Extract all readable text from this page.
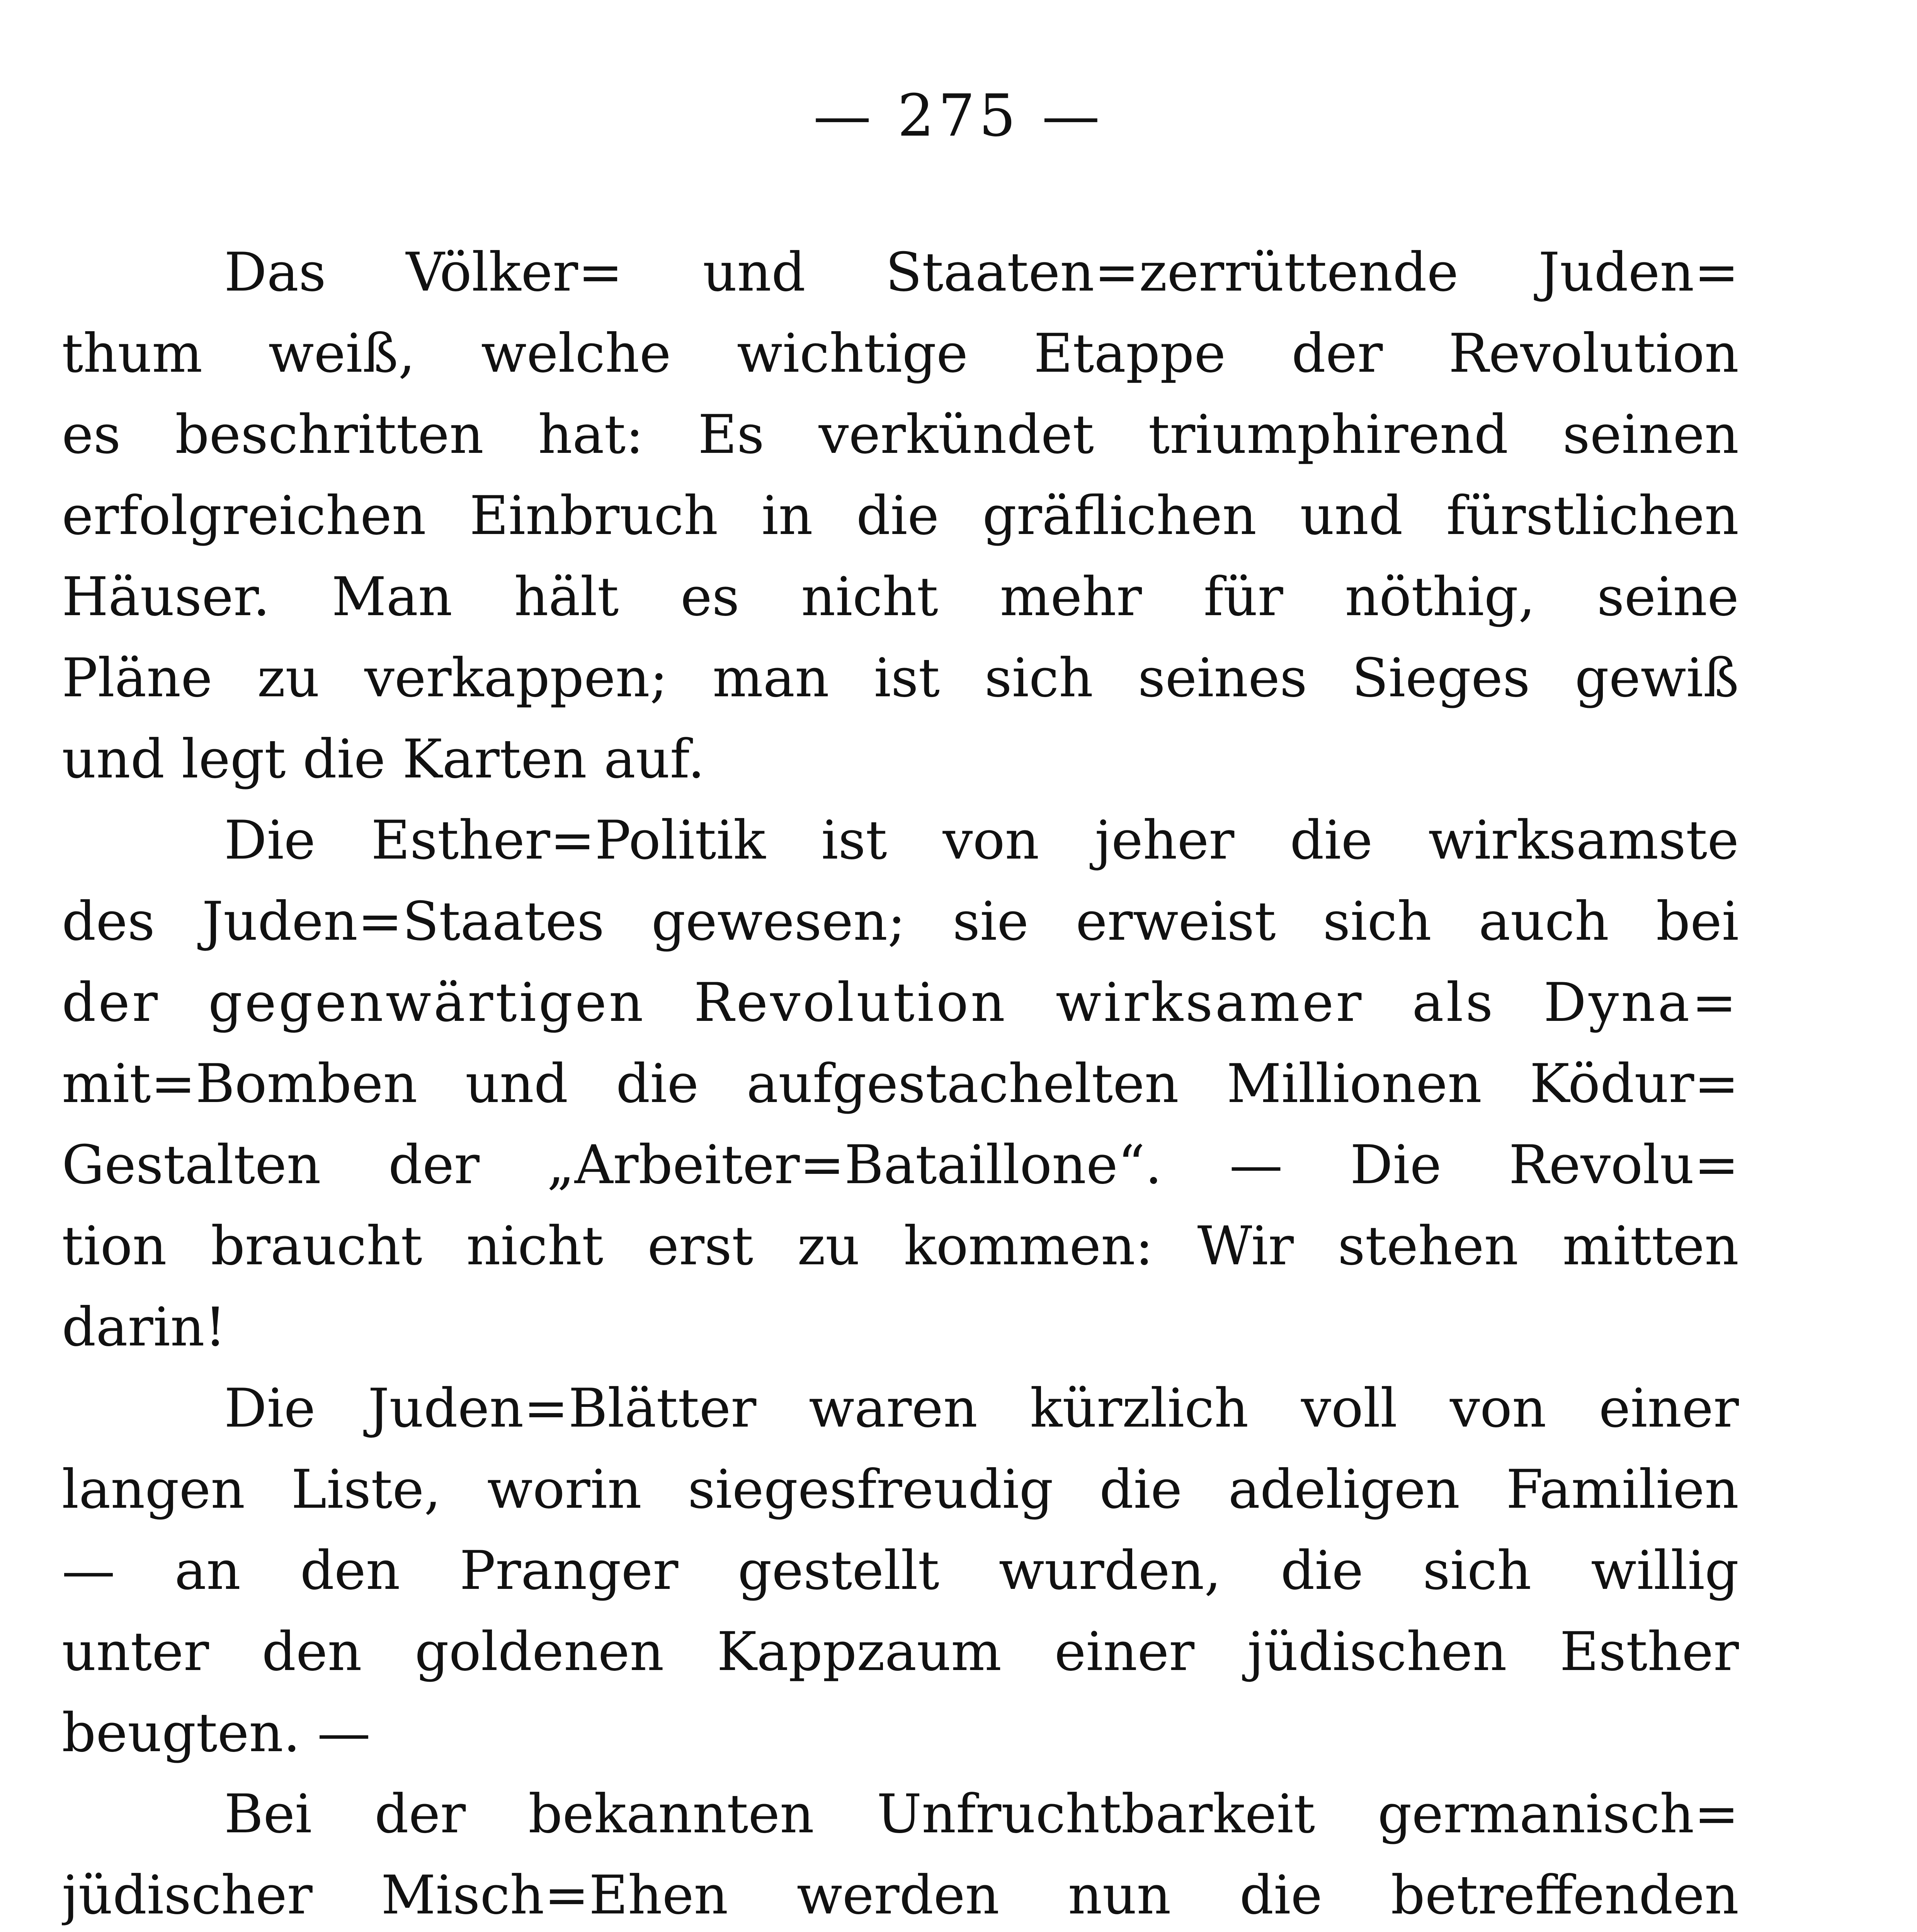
— 275 —
Das Völker= und Staaten=zerrüttende Juden=
thum weiß, welche wichtige Etappe der Revolution
es beschritten hat: Es verkündet triumphirend seinen
erfolgreichen Einbruch in die gräflichen und fürstlichen
Häuser. Man hält es nicht mehr für nöthig, seine
Pläne zu verkappen; man ist sich seines Sieges gewiß
und legt die Karten auf.
Die Esther=Politik ist von jeher die wirksamste
des Juden=Staates gewesen; sie erweist sich auch bei
der gegenwärtigen Revolution wirksamer als Dyna=
mit=Bomben und die aufgestachelten Millionen Ködur=
Gestalten der „Arbeiter=Bataillone“. — Die Revolu=
tion braucht nicht erst zu kommen: Wir stehen mitten
darin!
Die Juden=Blätter waren kürzlich voll von einer
langen Liste, worin siegesfreudig die adeligen Familien
— an den Pranger gestellt wurden, die sich willig
unter den goldenen Kappzaum einer jüdischen Esther
beugten. —
Bei der bekannten Unfruchtbarkeit germanisch=
jüdischer Misch=Ehen werden nun die betreffenden
